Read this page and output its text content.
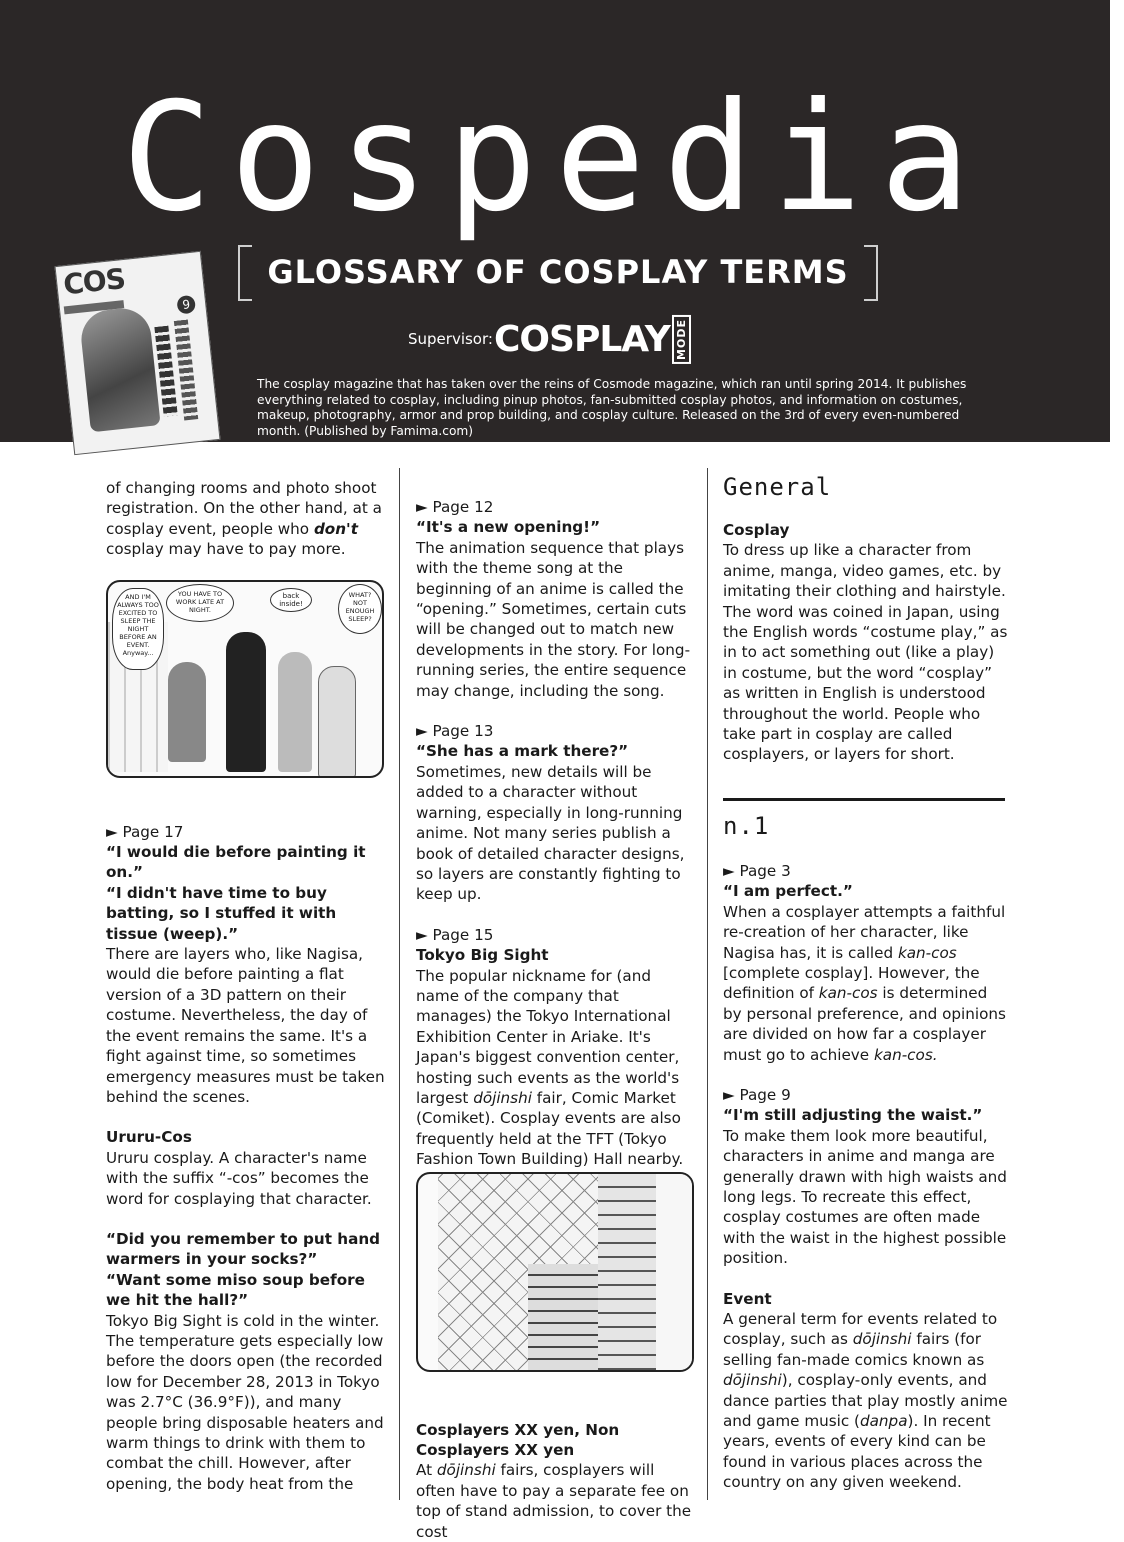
Cospedia
GLOSSARY OF COSPLAY TERMS
Supervisor: COSPLAY MODE
The cosplay magazine that has taken over the reins of Cosmode magazine, which ran until spring 2014. It publishes everything related to cosplay, including pinup photos, fan-submitted cosplay photos, and information on costumes, makeup, photography, armor and prop building, and cosplay culture. Released on the 3rd of every even-numbered month. (Published by Famima.com)
COS
9

of changing rooms and photo shoot registration. On the other hand, at a cosplay event, people who don't cosplay may have to pay more.

► Page 17

“I would die before painting it on.”

“I didn't have time to buy batting, so I stuffed it with tissue (weep).”

There are layers who, like Nagisa, would die before painting a flat version of a 3D pattern on their costume. Nevertheless, the day of the event remains the same. It's a fight against time, so sometimes emergency measures must be taken behind the scenes.

Ururu-Cos

Ururu cosplay. A character's name with the suffix “-cos” becomes the word for cosplaying that character.

“Did you remember to put hand warmers in your socks?”

“Want some miso soup before we hit the hall?”

Tokyo Big Sight is cold in the winter. The temperature gets especially low before the doors open (the recorded low for December 28, 2013 in Tokyo was 2.7°C (36.9°F)), and many people bring disposable heaters and warm things to drink with them to combat the chill. However, after opening, the body heat from the

AND I'M ALWAYS TOO EXCITED TO SLEEP THE NIGHT BEFORE AN EVENT. Anyway...
YOU HAVE TO WORK LATE AT NIGHT.
back inside!
WHAT? NOT ENOUGH SLEEP?

► Page 12

“It's a new opening!”

The animation sequence that plays with the theme song at the beginning of an anime is called the “opening.” Sometimes, certain cuts will be changed out to match new developments in the story. For long-running series, the entire sequence may change, including the song.

► Page 13

“She has a mark there?”

Sometimes, new details will be added to a character without warning, especially in long-running anime. Not many series publish a book of detailed character designs, so layers are constantly fighting to keep up.

► Page 15

Tokyo Big Sight

The popular nickname for (and name of the company that manages) the Tokyo International Exhibition Center in Ariake. It's Japan's biggest convention center, hosting such events as the world's largest dōjinshi fair, Comic Market (Comiket). Cosplay events are also frequently held at the TFT (Tokyo Fashion Town Building) Hall nearby.

Cosplayers XX yen, Non Cosplayers XX yen

At dōjinshi fairs, cosplayers will often have to pay a separate fee on top of stand admission, to cover the cost

General

Cosplay

To dress up like a character from anime, manga, video games, etc. by imitating their clothing and hairstyle. The word was coined in Japan, using the English words “costume play,” as in to act something out (like a play) in costume, but the word “cosplay” as written in English is understood throughout the world. People who take part in cosplay are called cosplayers, or layers for short.

n.1

► Page 3

“I am perfect.”

When a cosplayer attempts a faithful re-creation of her character, like Nagisa has, it is called kan-cos [complete cosplay]. However, the definition of kan-cos is determined by personal preference, and opinions are divided on how far a cosplayer must go to achieve kan-cos.

► Page 9

“I'm still adjusting the waist.”

To make them look more beautiful, characters in anime and manga are generally drawn with high waists and long legs. To recreate this effect, cosplay costumes are often made with the waist in the highest possible position.

Event

A general term for events related to cosplay, such as dōjinshi fairs (for selling fan-made comics known as dōjinshi), cosplay-only events, and dance parties that play mostly anime and game music (danpa). In recent years, events of every kind can be found in various places across the country on any given weekend.
